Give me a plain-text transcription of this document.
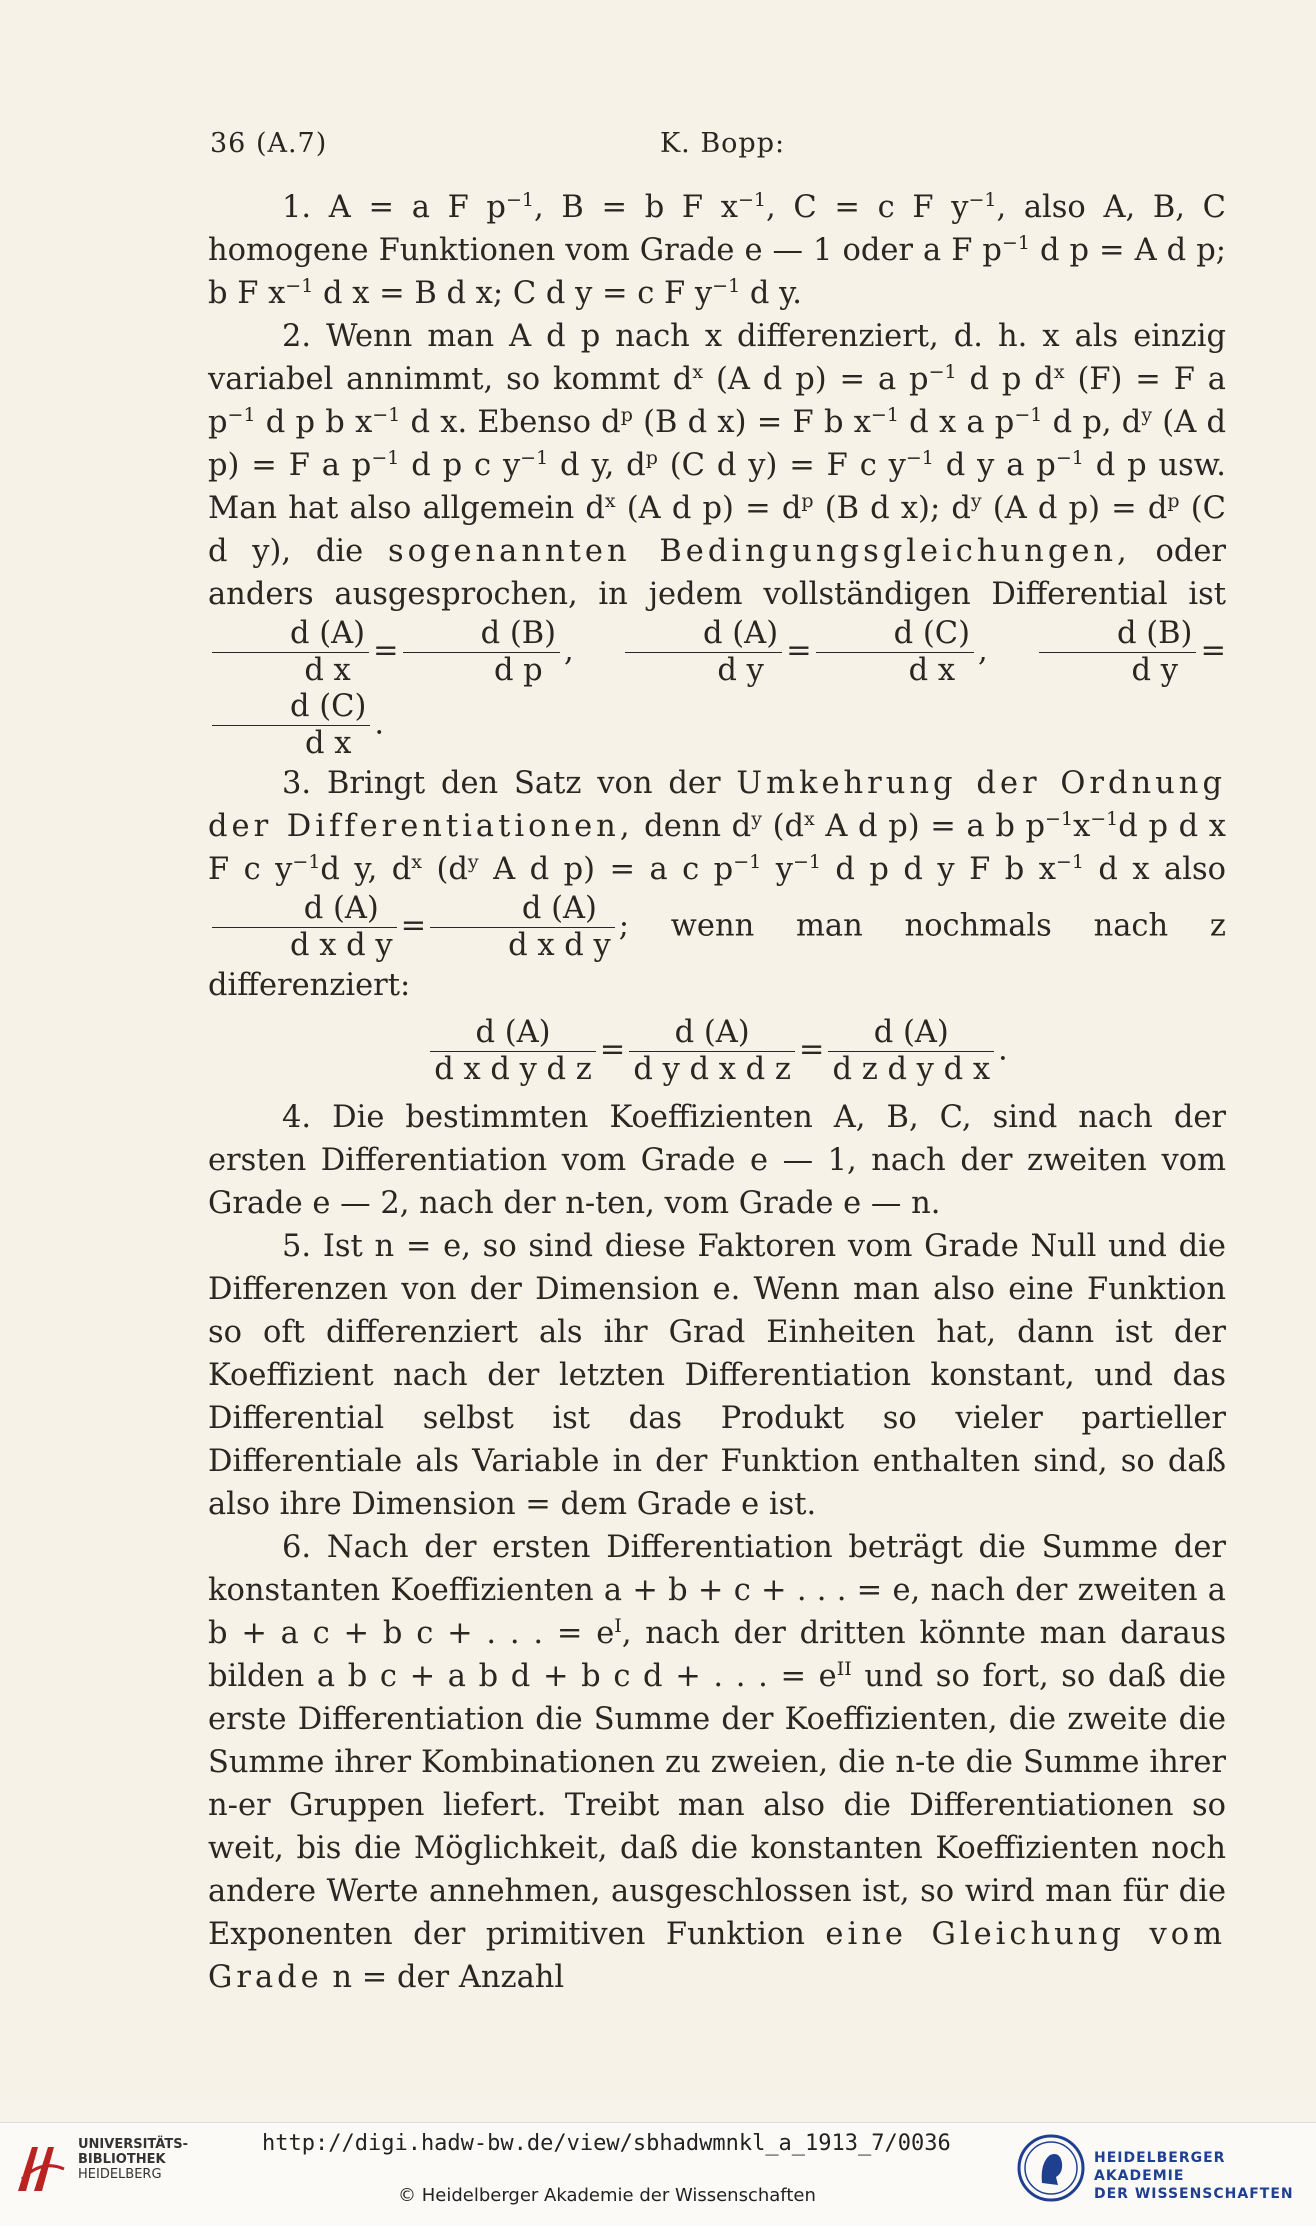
36 (A.7)	K. Bopp:

1. A = a F $p^{-1}$, B = b F $x^{-1}$, C = c F $y^{-1}$, also A, B, C homogene Funktionen vom Grade e — 1 oder a F $p^{-1}$ d p = A d p; b F $x^{-1}$ d x = B d x; C d y = c F $y^{-1}$ d y.

2. Wenn man A d p nach x differenziert, d. h. x als einzig variabel annimmt, so kommt $d^x$ (A d p) = a $p^{-1}$ d p $d^x$ (F) = F a $p^{-1}$ d p b $x^{-1}$ d x. Ebenso $d^p$ (B d x) = F b $x^{-1}$ d x a $p^{-1}$ d p, $d^y$ (A d p) = F a $p^{-1}$ d p c $y^{-1}$ d y, $d^p$ (C d y) = F c $y^{-1}$ d y a $p^{-1}$ d p usw. Man hat also allgemein $d^x$ (A d $p) = d^p$ (B d x); $d^y$ (A d $p) = d^p$ (C d y), die sogenannten Bedingungsgleichungen, oder anders ausgesprochen, in jedem vollständigen Differential ist
$\frac{d (A)}{\text{d x}} = \frac{d (B)}{\text{d p}}$ , $\frac{d (A)}{\text{d y}} = \frac{d (C)}{\text{d x}}$ , $\frac{d (B)}{\text{d y}}$ =
$\frac{d (C)}{\text{d x}}$ .

3. Bringt den Satz von der Umkehrung der Ordnung der Differentiationen, denn $d^y$ ($d^x$ A d p) = a b $p^{-1}x^{-1}d$ p d x F c $y^{-1}d$ y, $d^x$ ($d^y$ A d p) = a c $p^{-1}$ $y^{-1}$ d p d y F b $x^{-1}$ d x also
$\frac{d (A)}{\text{d x d y}} = \frac{d (A)}{\text{d x d y}}$ ; wenn man nochmals nach z differenziert:

$\frac{d (A)}{\text{d x d y d z}} = \frac{d (A)}{\text{d y d x d z}} = \frac{d (A)}{\text{d z d y d x}}$ .

4. Die bestimmten Koeffizienten A, B, C, sind nach der ersten Differentiation vom Grade e — 1, nach der zweiten vom Grade e — 2, nach der n-ten, vom Grade e — n.

5. Ist n = e, so sind diese Faktoren vom Grade Null und die Differenzen von der Dimension e. Wenn man also eine Funktion so oft differenziert als ihr Grad Einheiten hat, dann ist der Koeffizient nach der letzten Differentiation konstant, und das Differential selbst ist das Produkt so vieler partieller Differentiale als Variable in der Funktion enthalten sind, so daß also ihre Dimension = dem Grade e ist.

6. Nach der ersten Differentiation beträgt die Summe der konstanten Koeffizienten a + b + c + . . . = e, nach der zweiten a b + a c + b c + . . . = $e^I$, nach der dritten könnte man daraus bilden a b c + a b d + b c d + . . . = $e^{II}$ und so fort, so daß die erste Differentiation die Summe der Koeffizienten, die zweite die Summe ihrer Kombinationen zu zweien, die n-te die Summe ihrer n-er Gruppen liefert. Treibt man also die Differentiationen so weit, bis die Möglichkeit, daß die konstanten Koeffizienten noch andere Werte annehmen, ausgeschlossen ist, so wird man für die Exponenten der primitiven Funktion eine Gleichung vom Grade n = der Anzahl

UNIVERSITÄTS-
BIBLIOTHEK
HEIDELBERG
http://digi.hadw-bw.de/view/sbhadwmnkl_a_1913_7/0036
© Heidelberger Akademie der Wissenschaften
HEIDELBERGER AKADEMIE
DER WISSENSCHAFTEN
